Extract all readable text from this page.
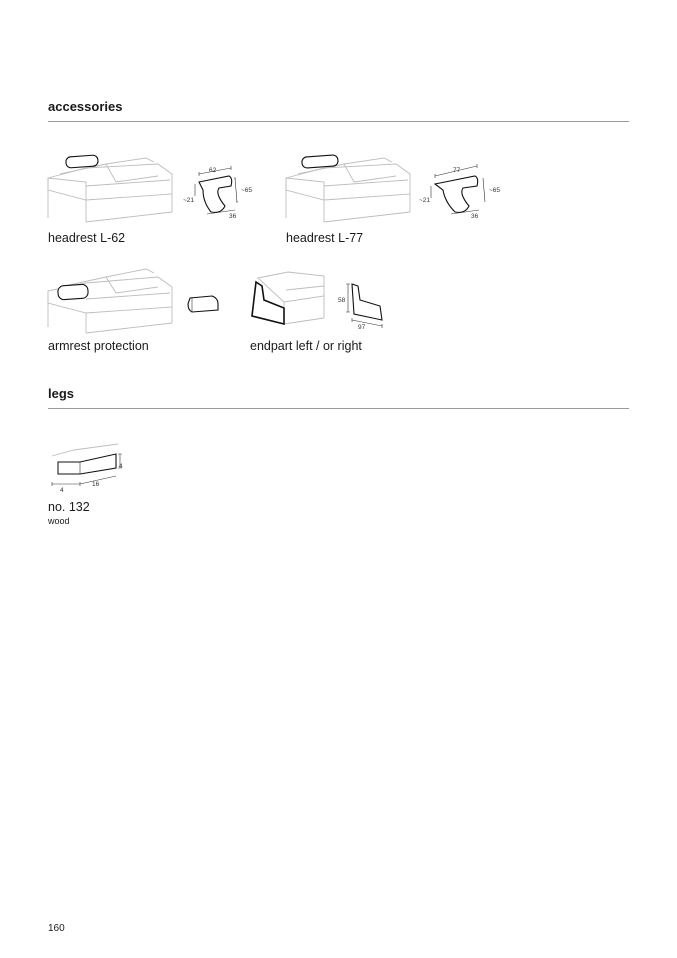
accessories
62
~65
~21
36

headrest L-62

77
~65
~21
36

headrest L-77

armrest protection

58
97

endpart left / or right

legs
4
4
16

no. 132

wood

160
